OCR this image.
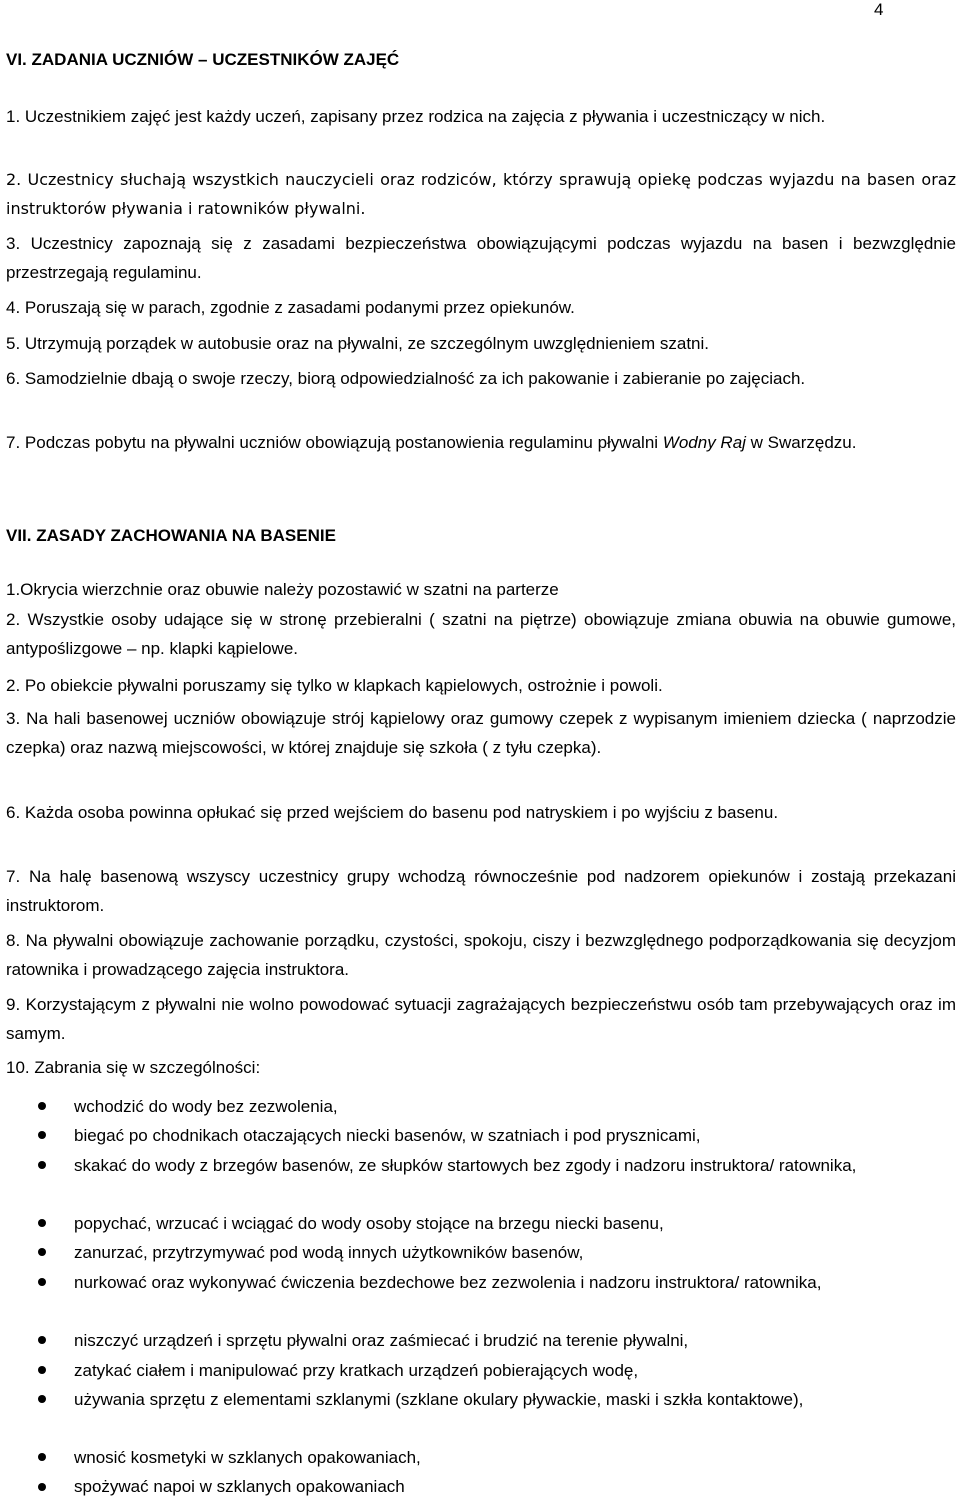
4
VI. ZADANIA UCZNIÓW – UCZESTNIKÓW ZAJĘĆ
1. Uczestnikiem zajęć jest każdy uczeń, zapisany przez rodzica na zajęcia z pływania i uczestniczący w nich.
2. Uczestnicy słuchają wszystkich nauczycieli oraz rodziców, którzy sprawują opiekę podczas wyjazdu na basen oraz instruktorów pływania i ratowników pływalni.
3. Uczestnicy zapoznają się z zasadami bezpieczeństwa obowiązującymi podczas wyjazdu na basen i bezwzględnie przestrzegają regulaminu.
4. Poruszają się w parach, zgodnie z zasadami podanymi przez opiekunów.
5. Utrzymują porządek w autobusie oraz na pływalni, ze szczególnym uwzględnieniem szatni.
6. Samodzielnie dbają o swoje rzeczy, biorą odpowiedzialność za ich pakowanie i zabieranie po zajęciach.
7. Podczas pobytu na pływalni uczniów obowiązują postanowienia regulaminu pływalni Wodny Raj w Swarzędzu.
VII. ZASADY ZACHOWANIA NA BASENIE
1.Okrycia wierzchnie oraz obuwie należy pozostawić w szatni na parterze
2. Wszystkie osoby udające się w stronę przebieralni ( szatni na piętrze) obowiązuje zmiana obuwia na obuwie gumowe, antypoślizgowe – np. klapki kąpielowe.
2. Po obiekcie pływalni poruszamy się tylko w klapkach kąpielowych, ostrożnie i powoli.
3. Na hali basenowej uczniów obowiązuje strój kąpielowy oraz gumowy czepek z wypisanym imieniem dziecka ( naprzodzie czepka) oraz nazwą miejscowości, w której znajduje się szkoła ( z tyłu czepka).
6. Każda osoba powinna opłukać się przed wejściem do basenu pod natryskiem i po wyjściu z basenu.
7. Na halę basenową wszyscy uczestnicy grupy wchodzą równocześnie pod nadzorem opiekunów i zostają przekazani instruktorom.
8. Na pływalni obowiązuje zachowanie porządku, czystości, spokoju, ciszy i bezwzględnego podporządkowania się decyzjom ratownika i prowadzącego zajęcia instruktora.
9. Korzystającym z pływalni nie wolno powodować sytuacji zagrażających bezpieczeństwu osób tam przebywających oraz im samym.
10. Zabrania się w szczególności:
wchodzić do wody bez zezwolenia,
biegać po chodnikach otaczających niecki basenów, w szatniach i pod prysznicami,
skakać do wody z brzegów basenów, ze słupków startowych bez zgody i nadzoru instruktora/ ratownika,
popychać, wrzucać i wciągać do wody osoby stojące na brzegu niecki basenu,
zanurzać, przytrzymywać pod wodą innych użytkowników basenów,
nurkować oraz wykonywać ćwiczenia bezdechowe bez zezwolenia i nadzoru instruktora/ ratownika,
niszczyć urządzeń i sprzętu pływalni oraz zaśmiecać i brudzić na terenie pływalni,
zatykać ciałem i manipulować przy kratkach urządzeń pobierających wodę,
używania sprzętu z elementami szklanymi (szklane okulary pływackie, maski i szkła kontaktowe),
wnosić kosmetyki w szklanych opakowaniach,
spożywać napoi w szklanych opakowaniach
